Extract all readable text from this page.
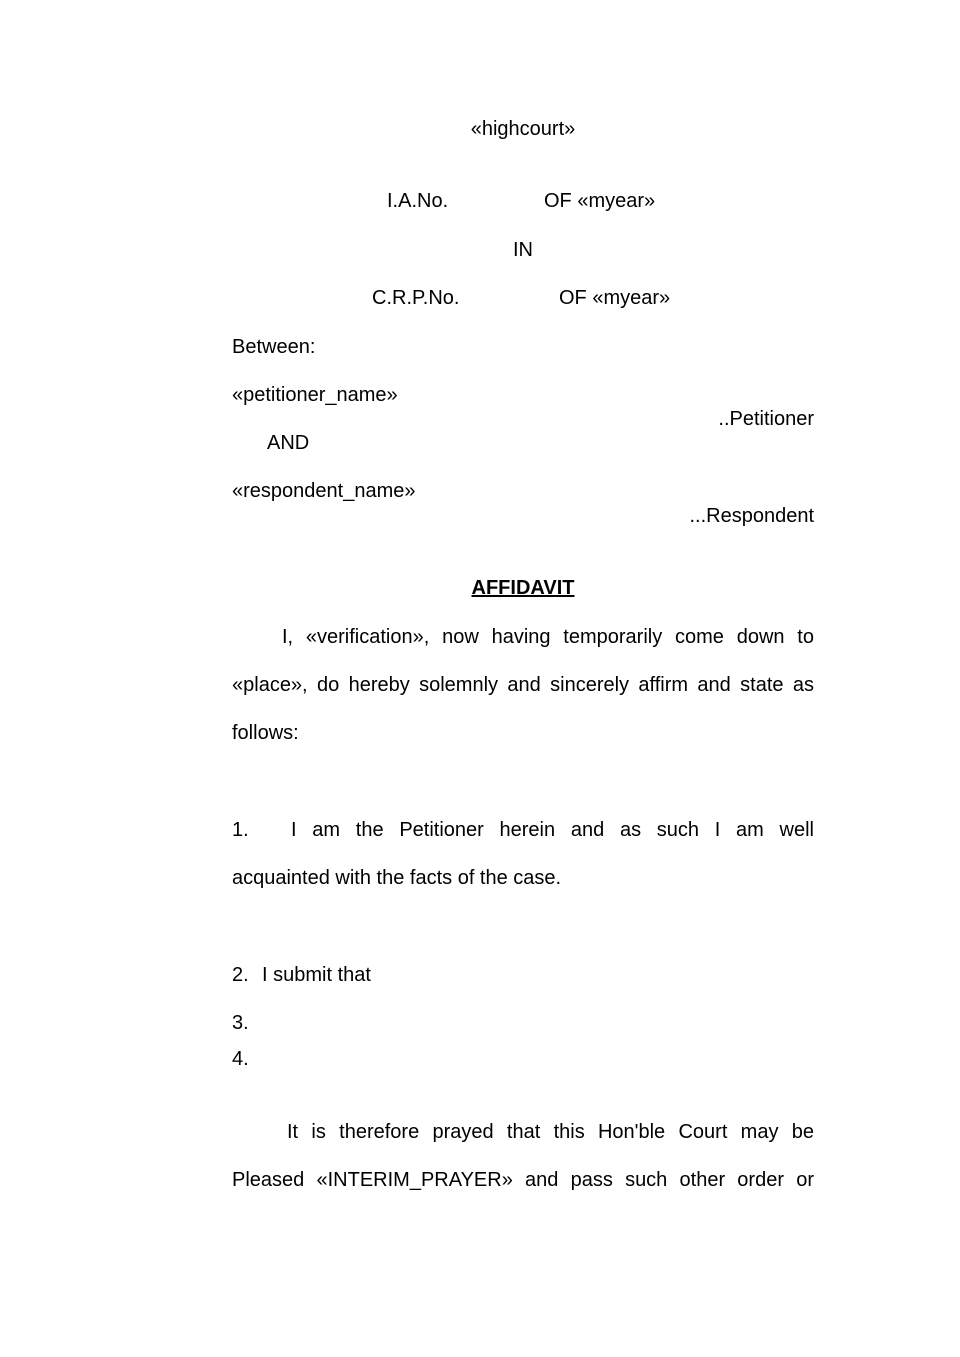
«highcourt»
I.A.No.	OF «myear»
IN
C.R.P.No.	OF «myear»
Between:
«petitioner_name»
..Petitioner
AND
«respondent_name»
...Respondent
AFFIDAVIT
I, «verification», now having temporarily come down to
«place», do hereby solemnly and sincerely affirm and state as
follows:
1. I am the Petitioner herein and as such I am well
acquainted with the facts of the case.
2. I submit that
3.
4.
It is therefore prayed that this Hon'ble Court may be
Pleased «INTERIM_PRAYER» and pass such other order or
